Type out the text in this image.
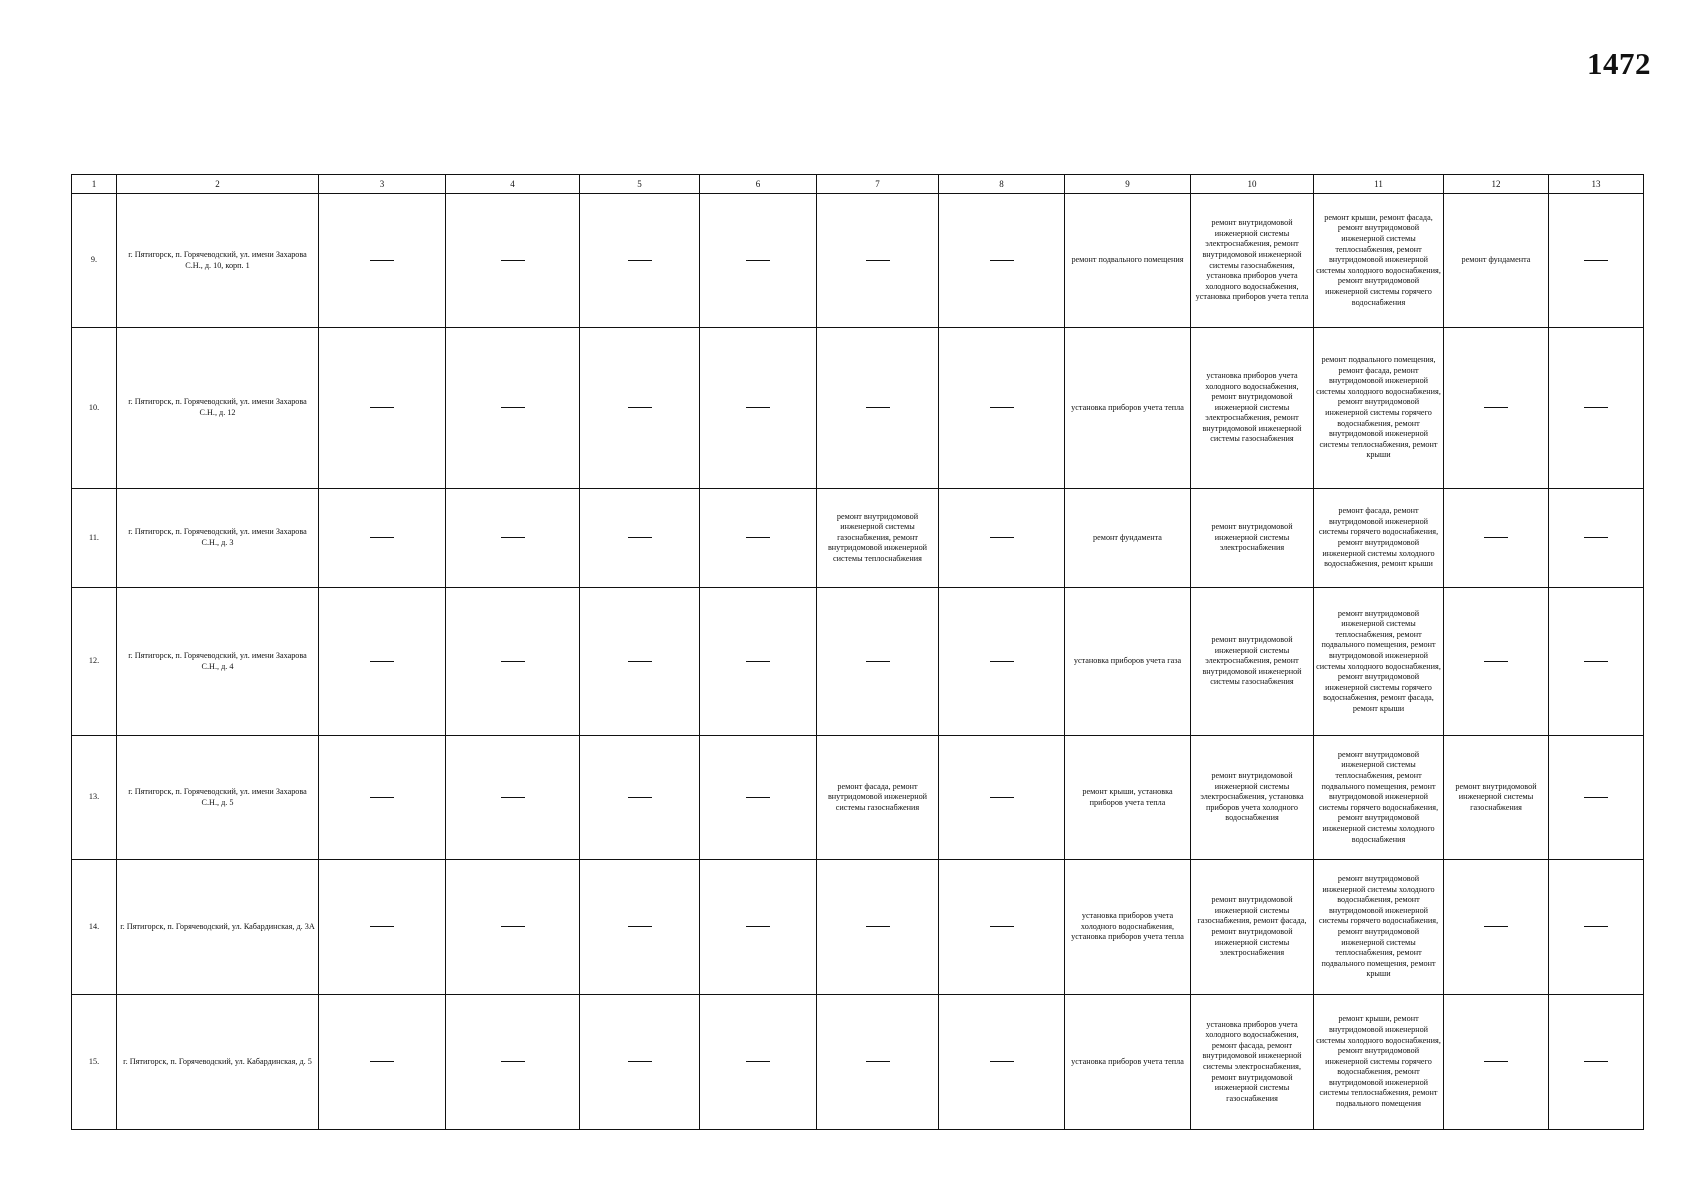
1472
1	2	3	4	5	6	7	8	9	10	11	12	13
9.	г. Пятигорск, п. Горячеводский, ул. имени Захарова С.Н., д. 10, корп. 1							ремонт подвального помещения	ремонт внутридомовой инженерной системы электроснабжения, ремонт внутридомовой инженерной системы газоснабжения, установка приборов учета холодного водоснабжения, установка приборов учета тепла	ремонт крыши, ремонт фасада, ремонт внутридомовой инженерной системы теплоснабжения, ремонт внутридомовой инженерной системы холодного водоснабжения, ремонт внутридомовой инженерной системы горячего водоснабжения	ремонт фундамента	
10.	г. Пятигорск, п. Горячеводский, ул. имени Захарова С.Н., д. 12							установка приборов учета тепла	установка приборов учета холодного водоснабжения, ремонт внутридомовой инженерной системы электроснабжения, ремонт внутридомовой инженерной системы газоснабжения	ремонт подвального помещения, ремонт фасада, ремонт внутридомовой инженерной системы холодного водоснабжения, ремонт внутридомовой инженерной системы горячего водоснабжения, ремонт внутридомовой инженерной системы теплоснабжения, ремонт крыши		
11.	г. Пятигорск, п. Горячеводский, ул. имени Захарова С.Н., д. 3					ремонт внутридомовой инженерной системы газоснабжения, ремонт внутридомовой инженерной системы теплоснабжения		ремонт фундамента	ремонт внутридомовой инженерной системы электроснабжения	ремонт фасада, ремонт внутридомовой инженерной системы горячего водоснабжения, ремонт внутридомовой инженерной системы холодного водоснабжения, ремонт крыши		
12.	г. Пятигорск, п. Горячеводский, ул. имени Захарова С.Н., д. 4							установка приборов учета газа	ремонт внутридомовой инженерной системы электроснабжения, ремонт внутридомовой инженерной системы газоснабжения	ремонт внутридомовой инженерной системы теплоснабжения, ремонт подвального помещения, ремонт внутридомовой инженерной системы холодного водоснабжения, ремонт внутридомовой инженерной системы горячего водоснабжения, ремонт фасада, ремонт крыши		
13.	г. Пятигорск, п. Горячеводский, ул. имени Захарова С.Н., д. 5					ремонт фасада, ремонт внутридомовой инженерной системы газоснабжения		ремонт крыши, установка приборов учета тепла	ремонт внутридомовой инженерной системы электроснабжения, установка приборов учета холодного водоснабжения	ремонт внутридомовой инженерной системы теплоснабжения, ремонт подвального помещения, ремонт внутридомовой инженерной системы горячего водоснабжения, ремонт внутридомовой инженерной системы холодного водоснабжения	ремонт внутридомовой инженерной системы газоснабжения	
14.	г. Пятигорск, п. Горячеводский, ул. Кабардинская, д. 3А							установка приборов учета холодного водоснабжения, установка приборов учета тепла	ремонт внутридомовой инженерной системы газоснабжения, ремонт фасада, ремонт внутридомовой инженерной системы электроснабжения	ремонт внутридомовой инженерной системы холодного водоснабжения, ремонт внутридомовой инженерной системы горячего водоснабжения, ремонт внутридомовой инженерной системы теплоснабжения, ремонт подвального помещения, ремонт крыши		
15.	г. Пятигорск, п. Горячеводский, ул. Кабардинская, д. 5							установка приборов учета тепла	установка приборов учета холодного водоснабжения, ремонт фасада, ремонт внутридомовой инженерной системы электроснабжения, ремонт внутридомовой инженерной системы газоснабжения	ремонт крыши, ремонт внутридомовой инженерной системы холодного водоснабжения, ремонт внутридомовой инженерной системы горячего водоснабжения, ремонт внутридомовой инженерной системы теплоснабжения, ремонт подвального помещения		
